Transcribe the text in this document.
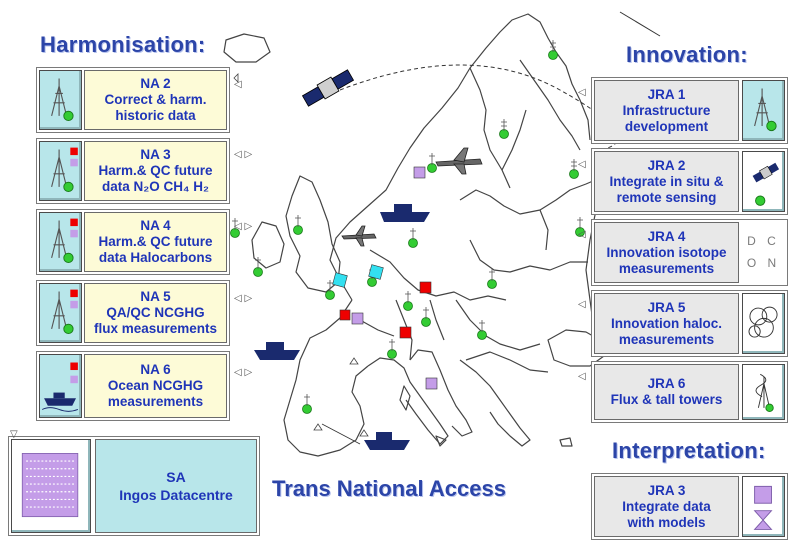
Harmonisation:	Innovation:
Interpretation:
NA 2
Correct & harm.
historic data
NA 3
Harm.& QC future
data N₂O CH₄ H₂
NA 4
Harm.& QC future
data Halocarbons
NA 5
QA/QC NCGHG
flux measurements
NA 6
Ocean NCGHG
measurements
SA
Ingos Datacentre
JRA 1
Infrastructure
development
JRA 2
Integrate in situ &
remote sensing
JRA 4
Innovation isotope
measurements
D C O N
JRA 5
Innovation haloc.
measurements
JRA 6
Flux & tall towers
JRA 3
Integrate data
with models
Trans National Access
◁
◁ ▷
◁ ▷
◁ ▷
◁ ▷
◁
◁
◁
◁
◁
▽
